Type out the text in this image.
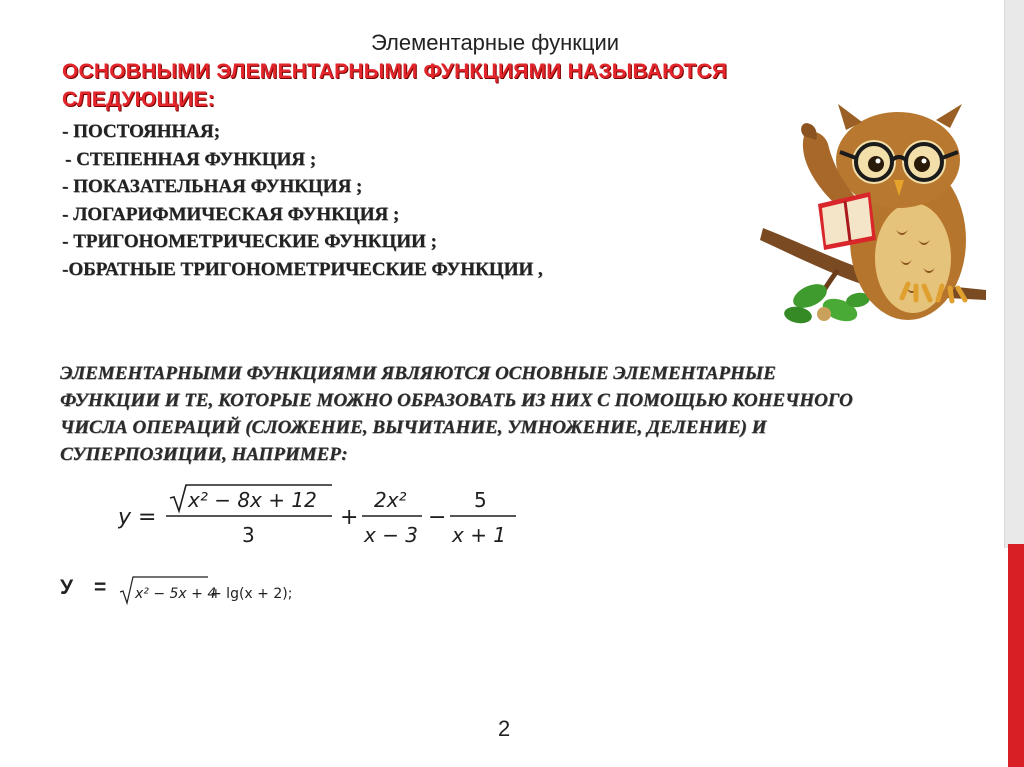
Элементарные функции
ОСНОВНЫМИ ЭЛЕМЕНТАРНЫМИ ФУНКЦИЯМИ НАЗЫВАЮТСЯ СЛЕДУЮЩИЕ:
- ПОСТОЯННАЯ;
- СТЕПЕННАЯ ФУНКЦИЯ ;
- ПОКАЗАТЕЛЬНАЯ ФУНКЦИЯ ;
- ЛОГАРИФМИЧЕСКАЯ ФУНКЦИЯ ;
- ТРИГОНОМЕТРИЧЕСКИЕ ФУНКЦИИ ;
-ОБРАТНЫЕ ТРИГОНОМЕТРИЧЕСКИЕ ФУНКЦИИ ,

ЭЛЕМЕНТАРНЫМИ ФУНКЦИЯМИ ЯВЛЯЮТСЯ ОСНОВНЫЕ ЭЛЕМЕНТАРНЫЕ ФУНКЦИИ И ТЕ, КОТОРЫЕ МОЖНО ОБРАЗОВАТЬ ИЗ НИХ С ПОМОЩЬЮ КОНЕЧНОГО ЧИСЛА ОПЕРАЦИЙ (СЛОЖЕНИЕ, ВЫЧИТАНИЕ, УМНОЖЕНИЕ, ДЕЛЕНИЕ) И СУПЕРПОЗИЦИИ, НАПРИМЕР:

y =
x² − 8x + 12
3
+
2x²
x − 3
−
5
x + 1
У = x² − 5x + 4
+ lg(x + 2);
2
